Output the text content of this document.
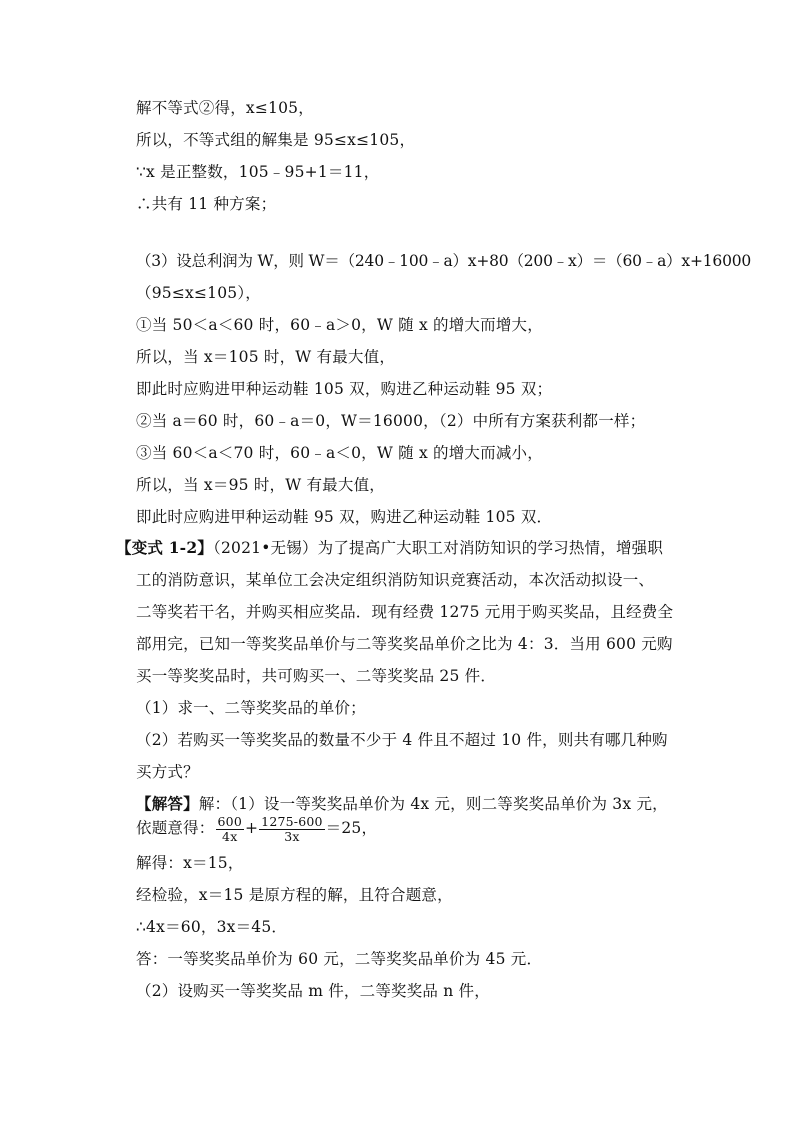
解不等式②得，x≤105，
所以，不等式组的解集是 95≤x≤105，
∵x 是正整数，105﹣95+1＝11，
∴共有 11 种方案；
（3）设总利润为 W，则 W＝（240﹣100﹣a）x+80（200﹣x）＝（60﹣a）x+16000
（95≤x≤105），
①当 50＜a＜60 时，60﹣a＞0，W 随 x 的增大而增大，
所以，当 x＝105 时，W 有最大值，
即此时应购进甲种运动鞋 105 双，购进乙种运动鞋 95 双；
②当 a＝60 时，60﹣a＝0，W＝16000，（2）中所有方案获利都一样；
③当 60＜a＜70 时，60﹣a＜0，W 随 x 的增大而减小，
所以，当 x＝95 时，W 有最大值，
即此时应购进甲种运动鞋 95 双，购进乙种运动鞋 105 双．
【变式 1-2】（2021•无锡）为了提高广大职工对消防知识的学习热情，增强职
工的消防意识，某单位工会决定组织消防知识竞赛活动，本次活动拟设一、
二等奖若干名，并购买相应奖品．现有经费 1275 元用于购买奖品，且经费全
部用完，已知一等奖奖品单价与二等奖奖品单价之比为 4：3．当用 600 元购
买一等奖奖品时，共可购买一、二等奖奖品 25 件．
（1）求一、二等奖奖品的单价；
（2）若购买一等奖奖品的数量不少于 4 件且不超过 10 件，则共有哪几种购
买方式？
【解答】解：（1）设一等奖奖品单价为 4x 元，则二等奖奖品单价为 3x 元，
依题意得： $\frac{600}{4x} + \frac{1275-600}{3x} =25$，
解得：x＝15，
经检验，x＝15 是原方程的解，且符合题意，
∴4x＝60，3x＝45．
答：一等奖奖品单价为 60 元，二等奖奖品单价为 45 元．
（2）设购买一等奖奖品 m 件，二等奖奖品 n 件，
